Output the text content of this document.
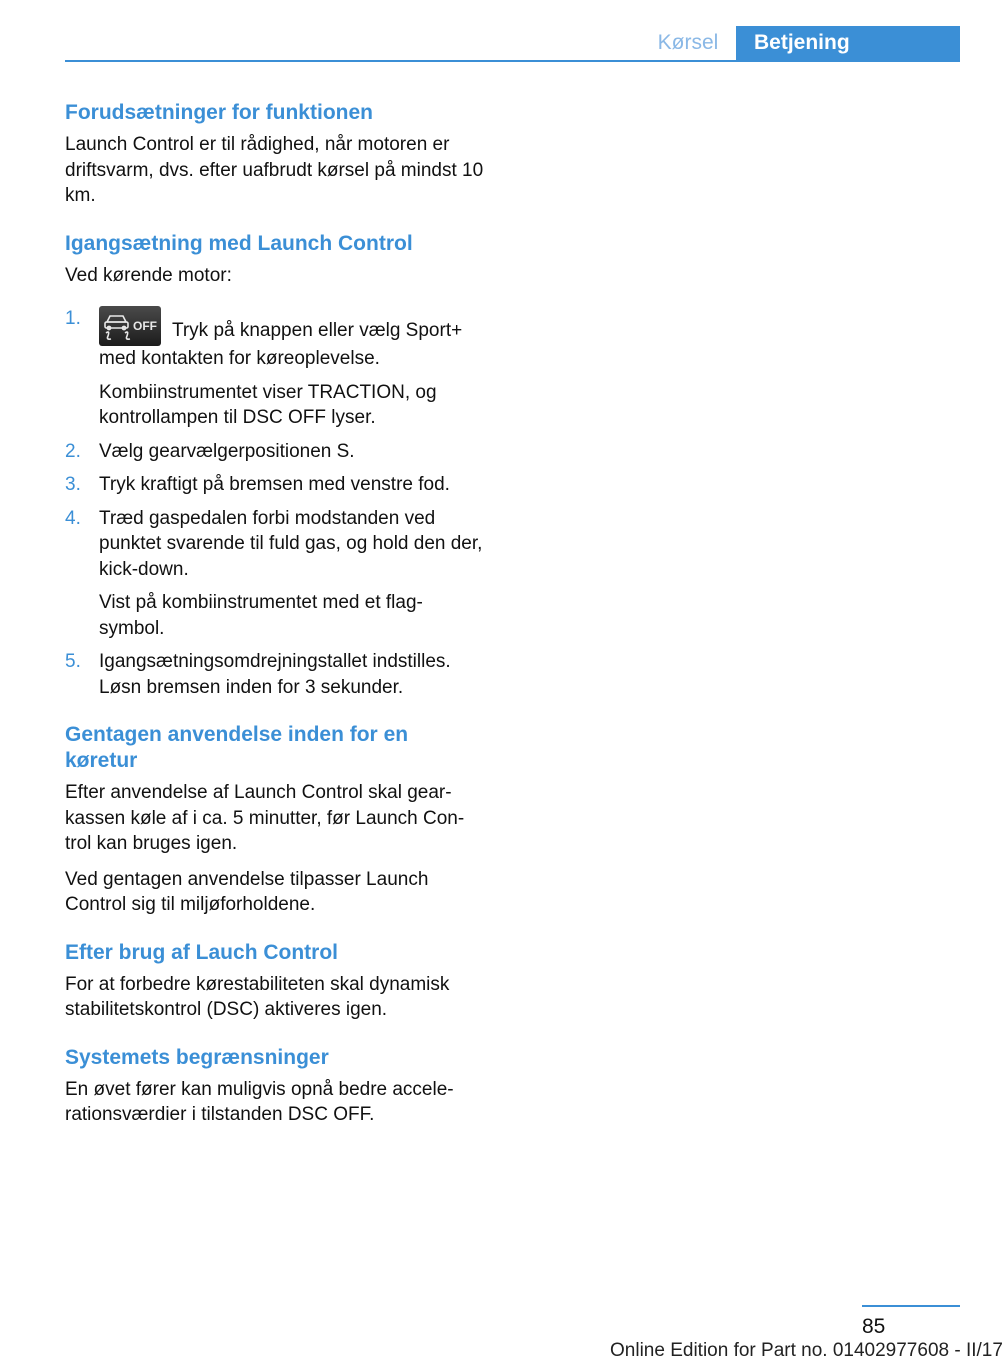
Kørsel	Betjening
Forudsætninger for funktionen

Launch Control er til rådighed, når motoren er driftsvarm, dvs. efter uafbrudt kørsel på mindst 10 km.

Igangsætning med Launch Control

Ved kørende motor:

1.	OFF Tryk på knappen eller vælg Sport+ med kontakten for køreoplevelse.

Kombiinstrumentet viser TRACTION, og kontrollampen til DSC OFF lyser.

2. Vælg gearvælgerpositionen S.

3. Tryk kraftigt på bremsen med venstre fod.

4. Træd gaspedalen forbi modstanden ved punktet svarende til fuld gas, og hold den der, kick-down.

Vist på kombiinstrumentet med et flag-symbol.

5. Igangsætningsomdrejningstallet indstilles. Løsn bremsen inden for 3 sekunder.

Gentagen anvendelse inden for en køretur

Efter anvendelse af Launch Control skal gear-kassen køle af i ca. 5 minutter, før Launch Con-trol kan bruges igen.

Ved gentagen anvendelse tilpasser Launch Control sig til miljøforholdene.

Efter brug af Lauch Control

For at forbedre kørestabiliteten skal dynamisk stabilitetskontrol (DSC) aktiveres igen.

Systemets begrænsninger

En øvet fører kan muligvis opnå bedre accele-rationsværdier i tilstanden DSC OFF.

85
Online Edition for Part no. 01402977608 - II/17
